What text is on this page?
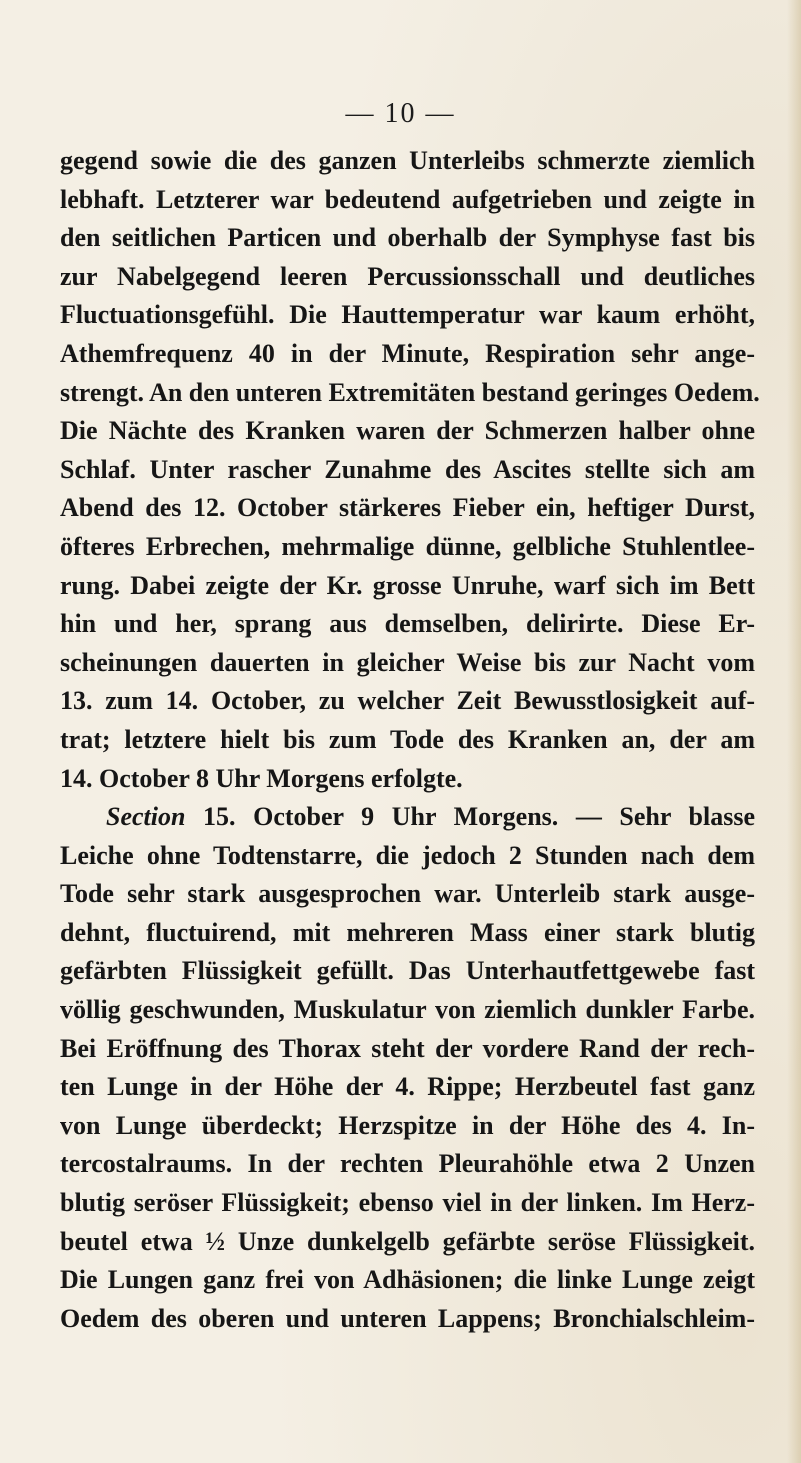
— 10 —
gegend sowie die des ganzen Unterleibs schmerzte ziemlich
lebhaft. Letzterer war bedeutend aufgetrieben und zeigte in
den seitlichen Particen und oberhalb der Symphyse fast bis
zur Nabelgegend leeren Percussionsschall und deutliches
Fluctuationsgefühl. Die Hauttemperatur war kaum erhöht,
Athemfrequenz 40 in der Minute, Respiration sehr ange-
strengt. An den unteren Extremitäten bestand geringes Oedem.
Die Nächte des Kranken waren der Schmerzen halber ohne
Schlaf. Unter rascher Zunahme des Ascites stellte sich am
Abend des 12. October stärkeres Fieber ein, heftiger Durst,
öfteres Erbrechen, mehrmalige dünne, gelbliche Stuhlentlee-
rung. Dabei zeigte der Kr. grosse Unruhe, warf sich im Bett
hin und her, sprang aus demselben, delirirte. Diese Er-
scheinungen dauerten in gleicher Weise bis zur Nacht vom
13. zum 14. October, zu welcher Zeit Bewusstlosigkeit auf-
trat; letztere hielt bis zum Tode des Kranken an, der am
14. October 8 Uhr Morgens erfolgte.
Section 15. October 9 Uhr Morgens. — Sehr blasse
Leiche ohne Todtenstarre, die jedoch 2 Stunden nach dem
Tode sehr stark ausgesprochen war. Unterleib stark ausge-
dehnt, fluctuirend, mit mehreren Mass einer stark blutig
gefärbten Flüssigkeit gefüllt. Das Unterhautfettgewebe fast
völlig geschwunden, Muskulatur von ziemlich dunkler Farbe.
Bei Eröffnung des Thorax steht der vordere Rand der rech-
ten Lunge in der Höhe der 4. Rippe; Herzbeutel fast ganz
von Lunge überdeckt; Herzspitze in der Höhe des 4. In-
tercostalraums. In der rechten Pleurahöhle etwa 2 Unzen
blutig seröser Flüssigkeit; ebenso viel in der linken. Im Herz-
beutel etwa ½ Unze dunkelgelb gefärbte seröse Flüssigkeit.
Die Lungen ganz frei von Adhäsionen; die linke Lunge zeigt
Oedem des oberen und unteren Lappens; Bronchialschleim-
